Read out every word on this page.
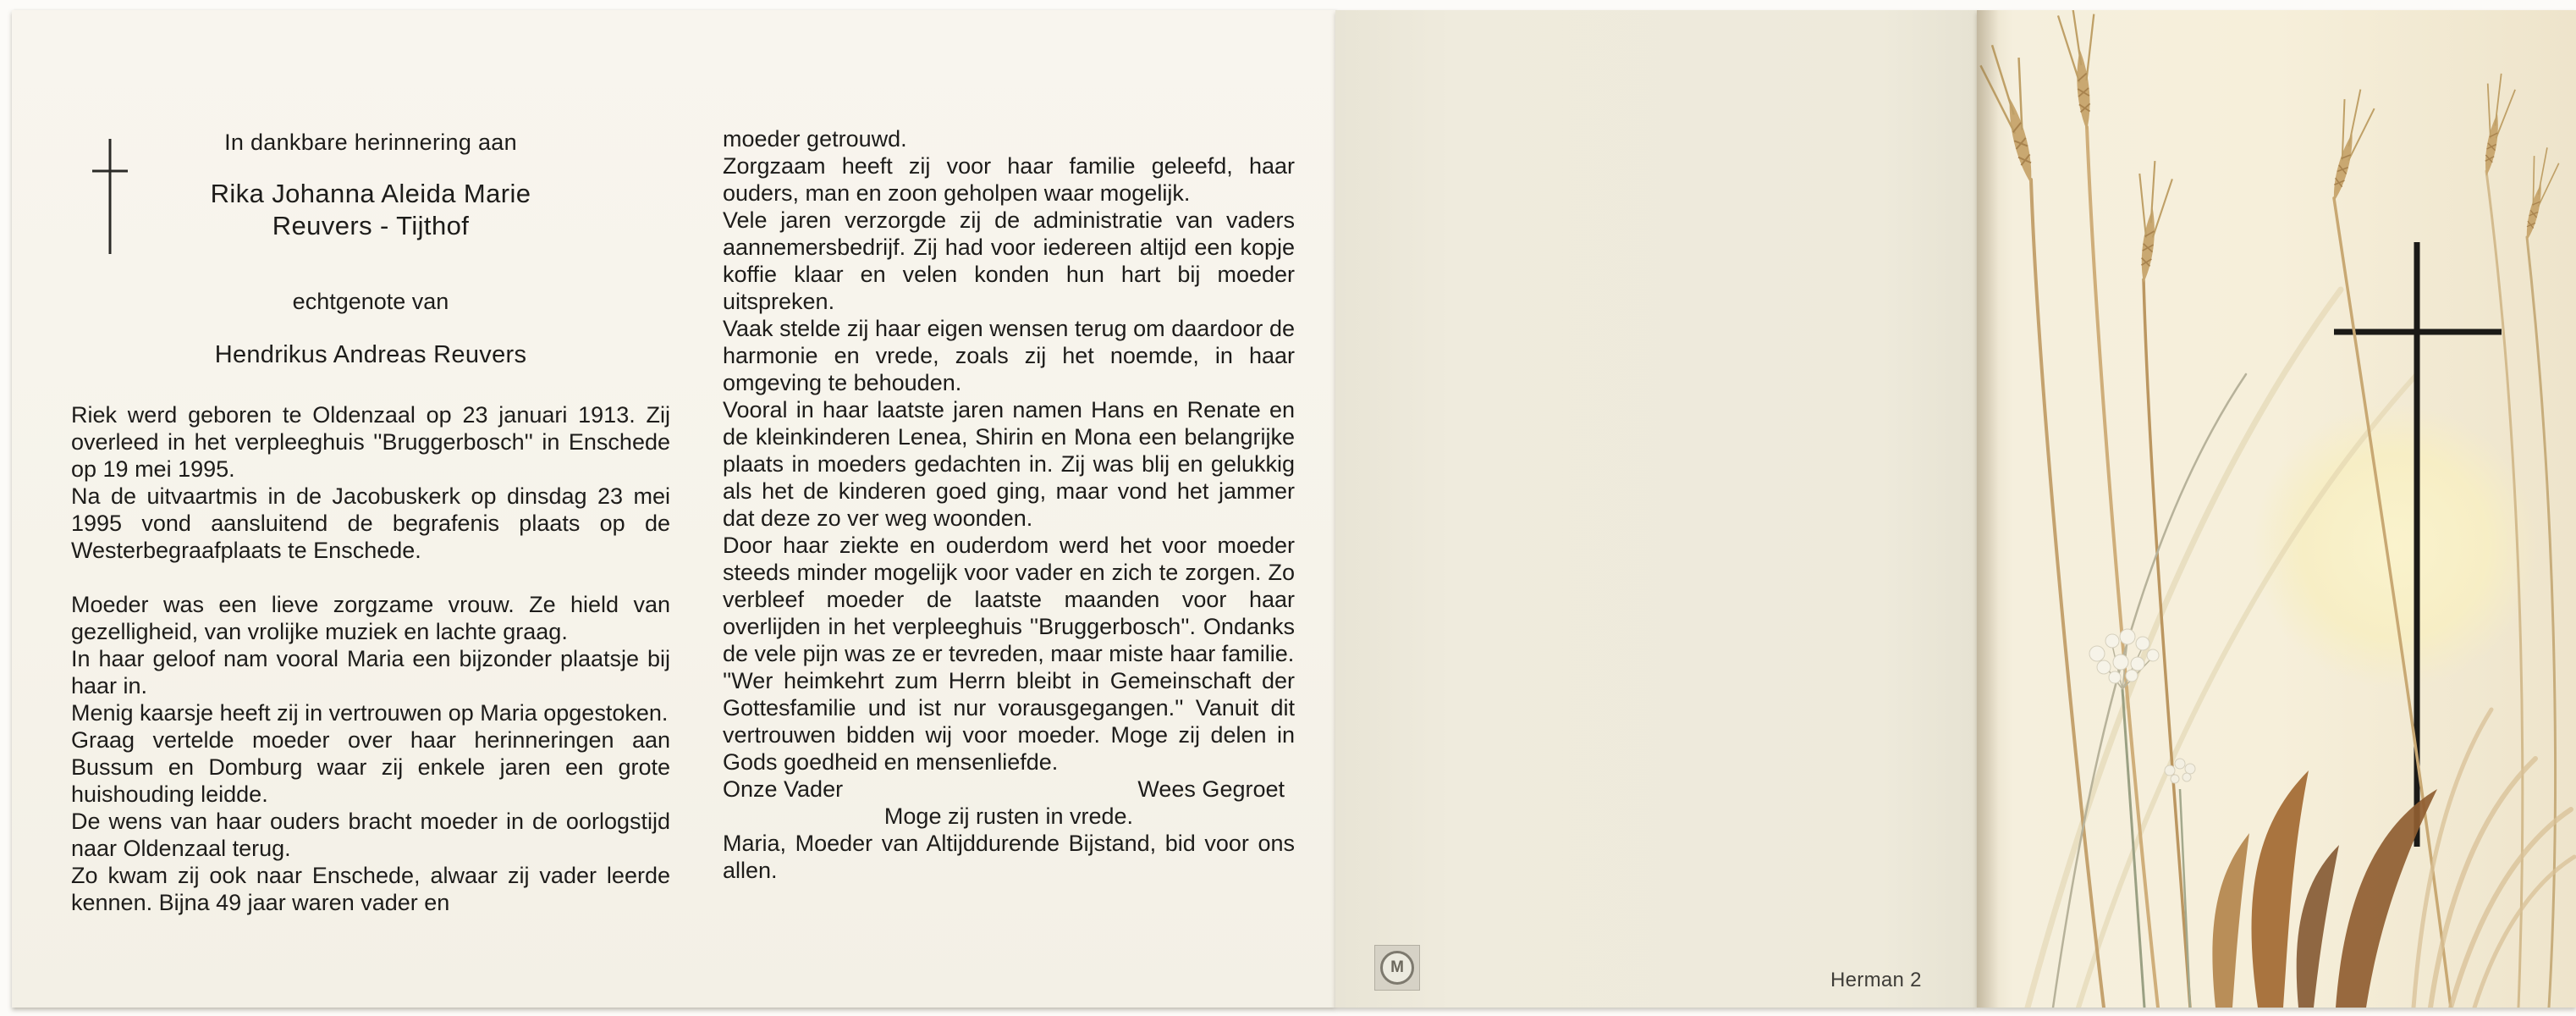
In dankbare herinnering aan
Rika Johanna Aleida Marie
Reuvers - Tijthof
echtgenote van
Hendrikus Andreas Reuvers

Riek werd geboren te Oldenzaal op 23 januari 1913. Zij overleed in het verpleeghuis ''Bruggerbosch'' in Enschede op 19 mei 1995.

Na de uitvaartmis in de Jacobuskerk op dinsdag 23 mei 1995 vond aansluitend de begrafenis plaats op de Westerbegraafplaats te Enschede.

Moeder was een lieve zorgzame vrouw. Ze hield van gezelligheid, van vrolijke muziek en lachte graag.

In haar geloof nam vooral Maria een bijzonder plaatsje bij haar in.

Menig kaarsje heeft zij in vertrouwen op Maria opgestoken.

Graag vertelde moeder over haar herinneringen aan Bussum en Domburg waar zij enkele jaren een grote huishouding leidde.

De wens van haar ouders bracht moeder in de oorlogstijd naar Oldenzaal terug.

Zo kwam zij ook naar Enschede, alwaar zij vader leerde kennen. Bijna 49 jaar waren vader en

moeder getrouwd.

Zorgzaam heeft zij voor haar familie geleefd, haar ouders, man en zoon geholpen waar mogelijk.

Vele jaren verzorgde zij de administratie van vaders aannemersbedrijf. Zij had voor iedereen altijd een kopje koffie klaar en velen konden hun hart bij moeder uitspreken.

Vaak stelde zij haar eigen wensen terug om daardoor de harmonie en vrede, zoals zij het noemde, in haar omgeving te behouden.

Vooral in haar laatste jaren namen Hans en Renate en de kleinkinderen Lenea, Shirin en Mona een belangrijke plaats in moeders gedachten in. Zij was blij en gelukkig als het de kinderen goed ging, maar vond het jammer dat deze zo ver weg woonden.

Door haar ziekte en ouderdom werd het voor moeder steeds minder mogelijk voor vader en zich te zorgen. Zo verbleef moeder de laatste maanden voor haar overlijden in het verpleeghuis ''Bruggerbosch''. Ondanks de vele pijn was ze er tevreden, maar miste haar familie.

''Wer heimkehrt zum Herrn bleibt in Gemeinschaft der Gottesfamilie und ist nur vorausgegangen.'' Vanuit dit vertrouwen bidden wij voor moeder. Moge zij delen in Gods goedheid en mensenliefde.

Onze Vader	Wees Gegroet
Moge zij rusten in vrede.

Maria, Moeder van Altijddurende Bijstand, bid voor ons allen.

M
Herman 2
